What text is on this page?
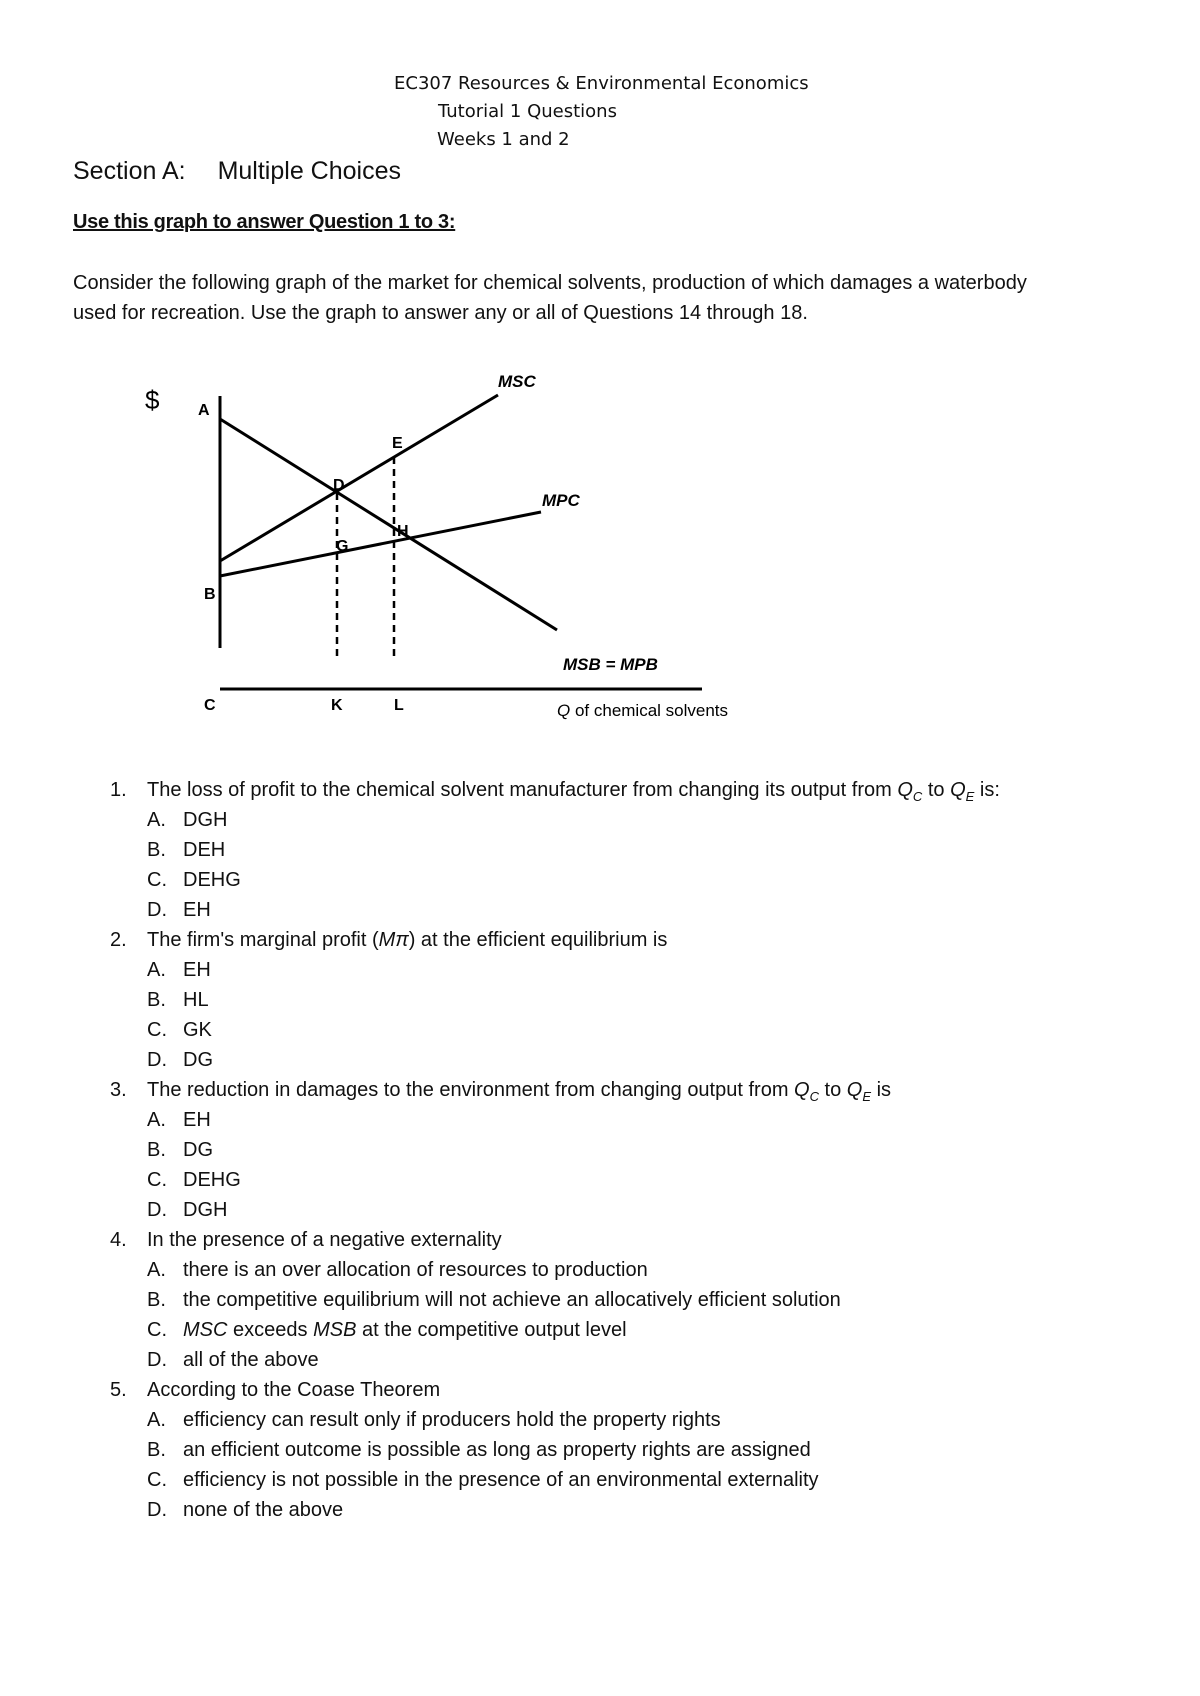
EC307 Resources & Environmental Economics
Tutorial 1 Questions
Weeks 1 and 2
Section A: Multiple Choices
Use this graph to answer Question 1 to 3:

Consider the following graph of the market for chemical solvents, production of which damages a waterbody

used for recreation. Use the graph to answer any or all of Questions 14 through 18.

$ A
E
D
H
G
B
C	K	L
MSC
MPC
MSB = MPB
Q of chemical solvents
1. The loss of profit to the chemical solvent manufacturer from changing its output from $Q_C$ to $Q_E$ is:
A. DGH
B. DEH
C. DEHG
D. EH
2. The firm's marginal profit (Mπ) at the efficient equilibrium is
A. EH
B. HL
C. GK
D. DG
3. The reduction in damages to the environment from changing output from $Q_C$ to $Q_E$ is
A. EH
B. DG
C. DEHG
D. DGH
4. In the presence of a negative externality
A. there is an over allocation of resources to production
B. the competitive equilibrium will not achieve an allocatively efficient solution
C. MSC exceeds MSB at the competitive output level
D. all of the above
5. According to the Coase Theorem
A. efficiency can result only if producers hold the property rights
B. an efficient outcome is possible as long as property rights are assigned
C. efficiency is not possible in the presence of an environmental externality
D. none of the above
